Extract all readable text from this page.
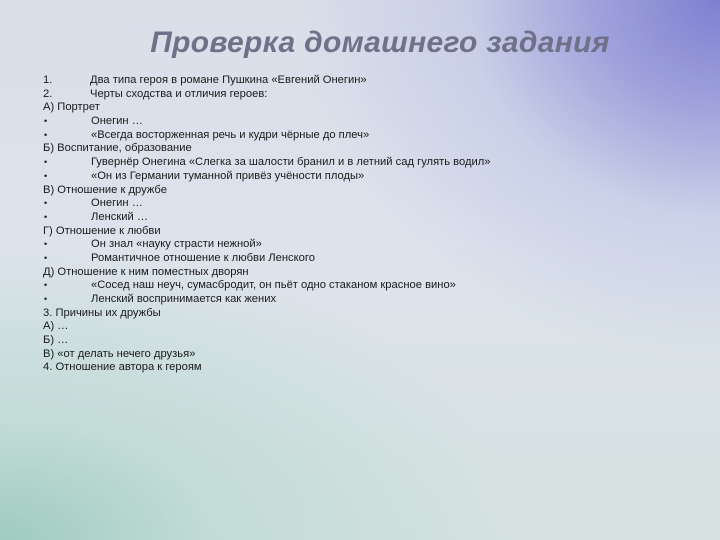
Проверка домашнего задания
1.	Два типа героя в романе Пушкина «Евгений Онегин»
2.	Черты сходства и отличия героев:
А) Портрет
•	Онегин …
•	«Всегда восторженная речь и кудри чёрные до плеч»
Б) Воспитание, образование
•	Гувернёр Онегина «Слегка за шалости бранил и в летний сад гулять водил»
•	«Он из Германии туманной привёз учёности плоды»
В) Отношение к дружбе
•	Онегин …
•	Ленский …
Г) Отношение к любви
•	Он знал «науку страсти нежной»
•	Романтичное отношение к любви Ленского
Д) Отношение к ним поместных дворян
•	«Сосед наш неуч, сумасбродит, он пьёт одно стаканом красное вино»
•	Ленский воспринимается как жених
3. Причины их дружбы
А) …
Б) …
В) «от делать нечего друзья»
4. Отношение автора к героям
